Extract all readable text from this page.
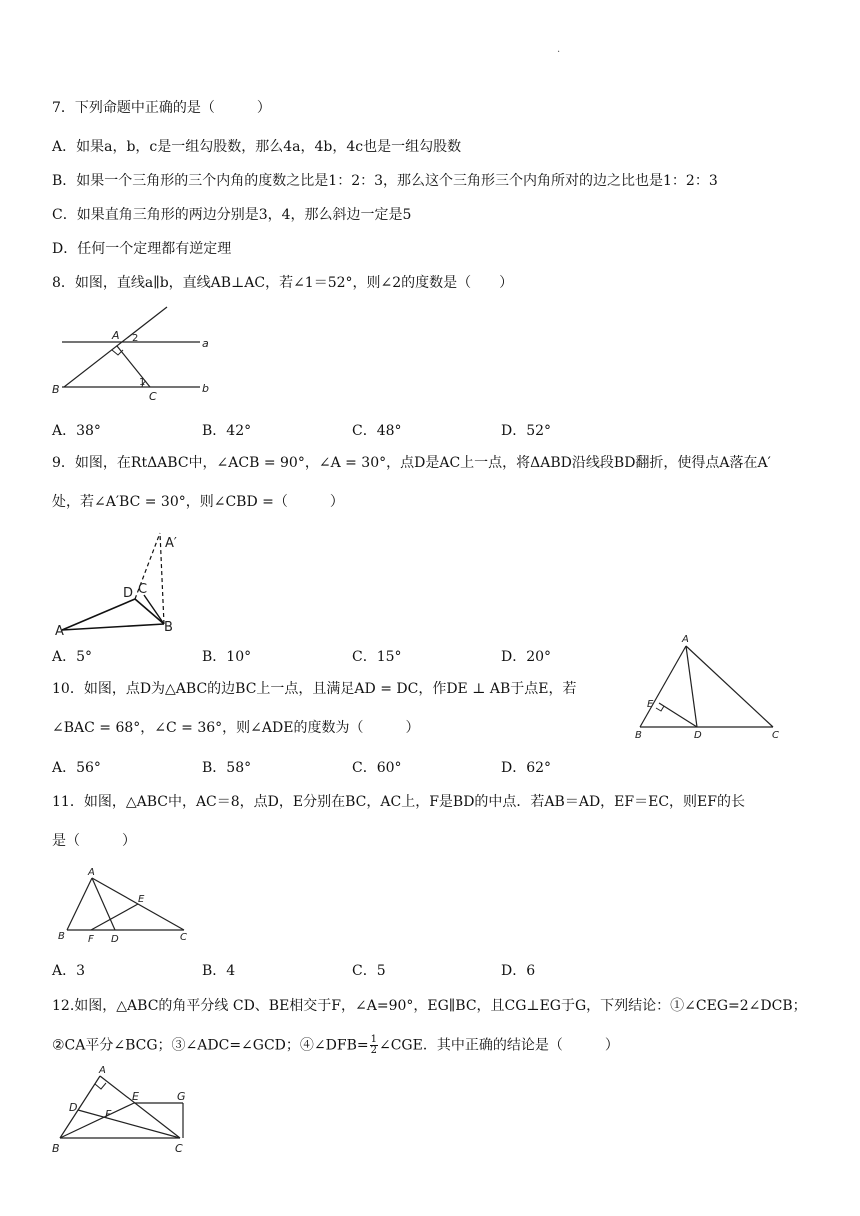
.
7．下列命题中正确的是（　　　）
A．如果a，b，c是一组勾股数，那么4a，4b，4c也是一组勾股数
B．如果一个三角形的三个内角的度数之比是1：2：3，那么这个三角形三个内角所对的边之比也是1：2：3
C．如果直角三角形的两边分别是3，4，那么斜边一定是5
D．任何一个定理都有逆定理
8．如图，直线a∥b，直线AB⊥AC，若∠1＝52°，则∠2的度数是（　　）
A 2	a
1
B
C
b
A．38°	B．42°	C．48°	D．52°
9．如图，在RtΔABC中，∠ACB = 90°，∠A = 30°，点D是AC上一点，将ΔABD沿线段BD翻折，使得点A落在A′
处，若∠A′BC = 30°，则∠CBD =（　　　）
A	B
D C
A′
A．5°	B．10°	C．15°	D．20°
10．如图，点D为△ABC的边BC上一点，且满足AD = DC，作DE ⊥ AB于点E，若
∠BAC = 68°，∠C = 36°，则∠ADE的度数为（　　　）
A
E
B	D	C
A．56°	B．58°	C．60°	D．62°
11．如图，△ABC中，AC＝8，点D，E分别在BC，AC上，F是BD的中点．若AB＝AD，EF＝EC，则EF的长
是（　　　）
A
E
B F D	C
A．3	B．4	C．5	D．6
12.如图，△ABC的角平分线 CD、BE相交于F，∠A=90°，EG∥BC，且CG⊥EG于G，下列结论：①∠CEG=2∠DCB；
②CA平分∠BCG；③∠ADC=∠GCD；④∠DFB= $\frac{1}{2}$ ∠CGE．其中正确的结论是（　　　）
A
E	G
D
F
B	C
